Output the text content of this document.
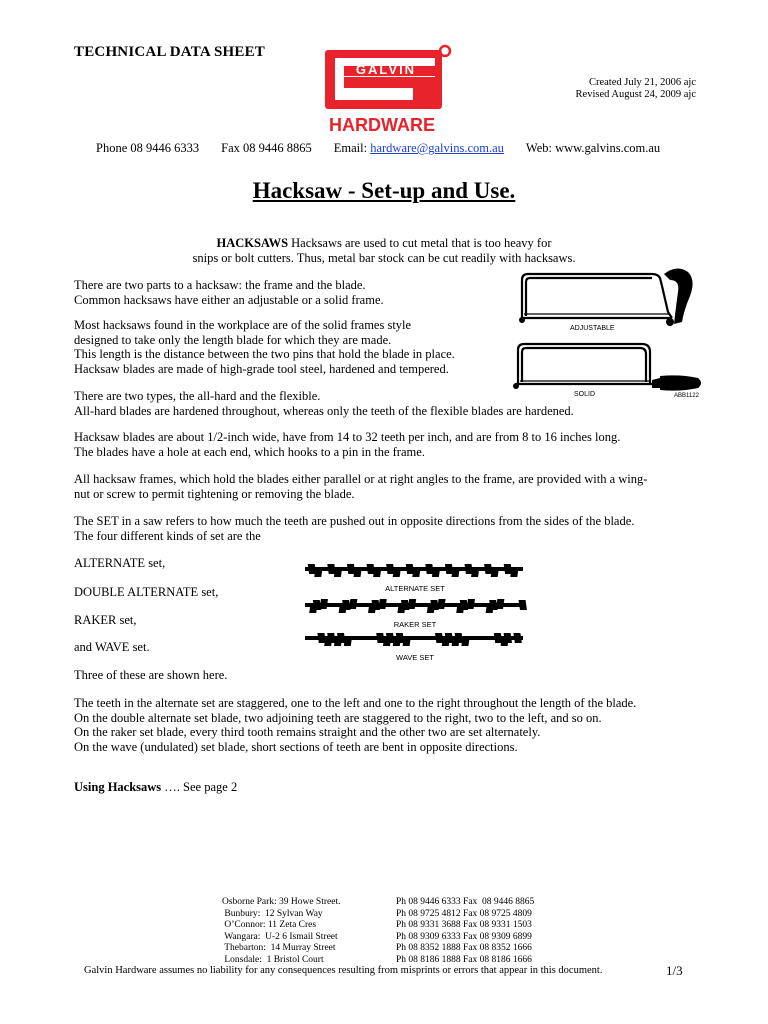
TECHNICAL DATA SHEET
GALVIN
HARDWARE
Created July 21, 2006 ajc
Revised August 24, 2009 ajc
Phone 08 9446 6333 Fax 08 9446 8865 Email: hardware@galvins.com.au Web: www.galvins.com.au
Hacksaw - Set-up and Use.
HACKSAWS Hacksaws are used to cut metal that is too heavy for
snips or bolt cutters. Thus, metal bar stock can be cut readily with hacksaws.
There are two parts to a hacksaw: the frame and the blade.
Common hacksaws have either an adjustable or a solid frame.
Most hacksaws found in the workplace are of the solid frames style
designed to take only the length blade for which they are made.
This length is the distance between the two pins that hold the blade in place.
Hacksaw blades are made of high-grade tool steel, hardened and tempered.
There are two types, the all-hard and the flexible.
All-hard blades are hardened throughout, whereas only the teeth of the flexible blades are hardened.
Hacksaw blades are about 1/2-inch wide, have from 14 to 32 teeth per inch, and are from 8 to 16 inches long.
The blades have a hole at each end, which hooks to a pin in the frame.
All hacksaw frames, which hold the blades either parallel or at right angles to the frame, are provided with a wing-
nut or screw to permit tightening or removing the blade.
The SET in a saw refers to how much the teeth are pushed out in opposite directions from the sides of the blade.
The four different kinds of set are the
ALTERNATE set,
DOUBLE ALTERNATE set,
RAKER set,
and WAVE set.
Three of these are shown here.
The teeth in the alternate set are staggered, one to the left and one to the right throughout the length of the blade.
On the double alternate set blade, two adjoining teeth are staggered to the right, two to the left, and so on.
On the raker set blade, every third tooth remains straight and the other two are set alternately.
On the wave (undulated) set blade, short sections of teeth are bent in opposite directions.
Using Hacksaws …. See page 2
ADJUSTABLE
SOLID	ABB1122
ALTERNATE SET
RAKER SET
WAVE SET
Osborne Park: 39 Howe Street.
Bunbury:  12 Sylvan Way
O’Connor: 11 Zeta Cres
Wangara:  U-2 6 Ismail Street
Thebarton:  14 Murray Street
Lonsdale:  1 Bristol Court
Ph 08 9446 6333 Fax  08 9446 8865
Ph 08 9725 4812 Fax 08 9725 4809
Ph 08 9331 3688 Fax 08 9331 1503
Ph 08 9309 6333 Fax 08 9309 6899
Ph 08 8352 1888 Fax 08 8352 1666
Ph 08 8186 1888 Fax 08 8186 1666
Galvin Hardware assumes no liability for any consequences resulting from misprints or errors that appear in this document.	1/3
